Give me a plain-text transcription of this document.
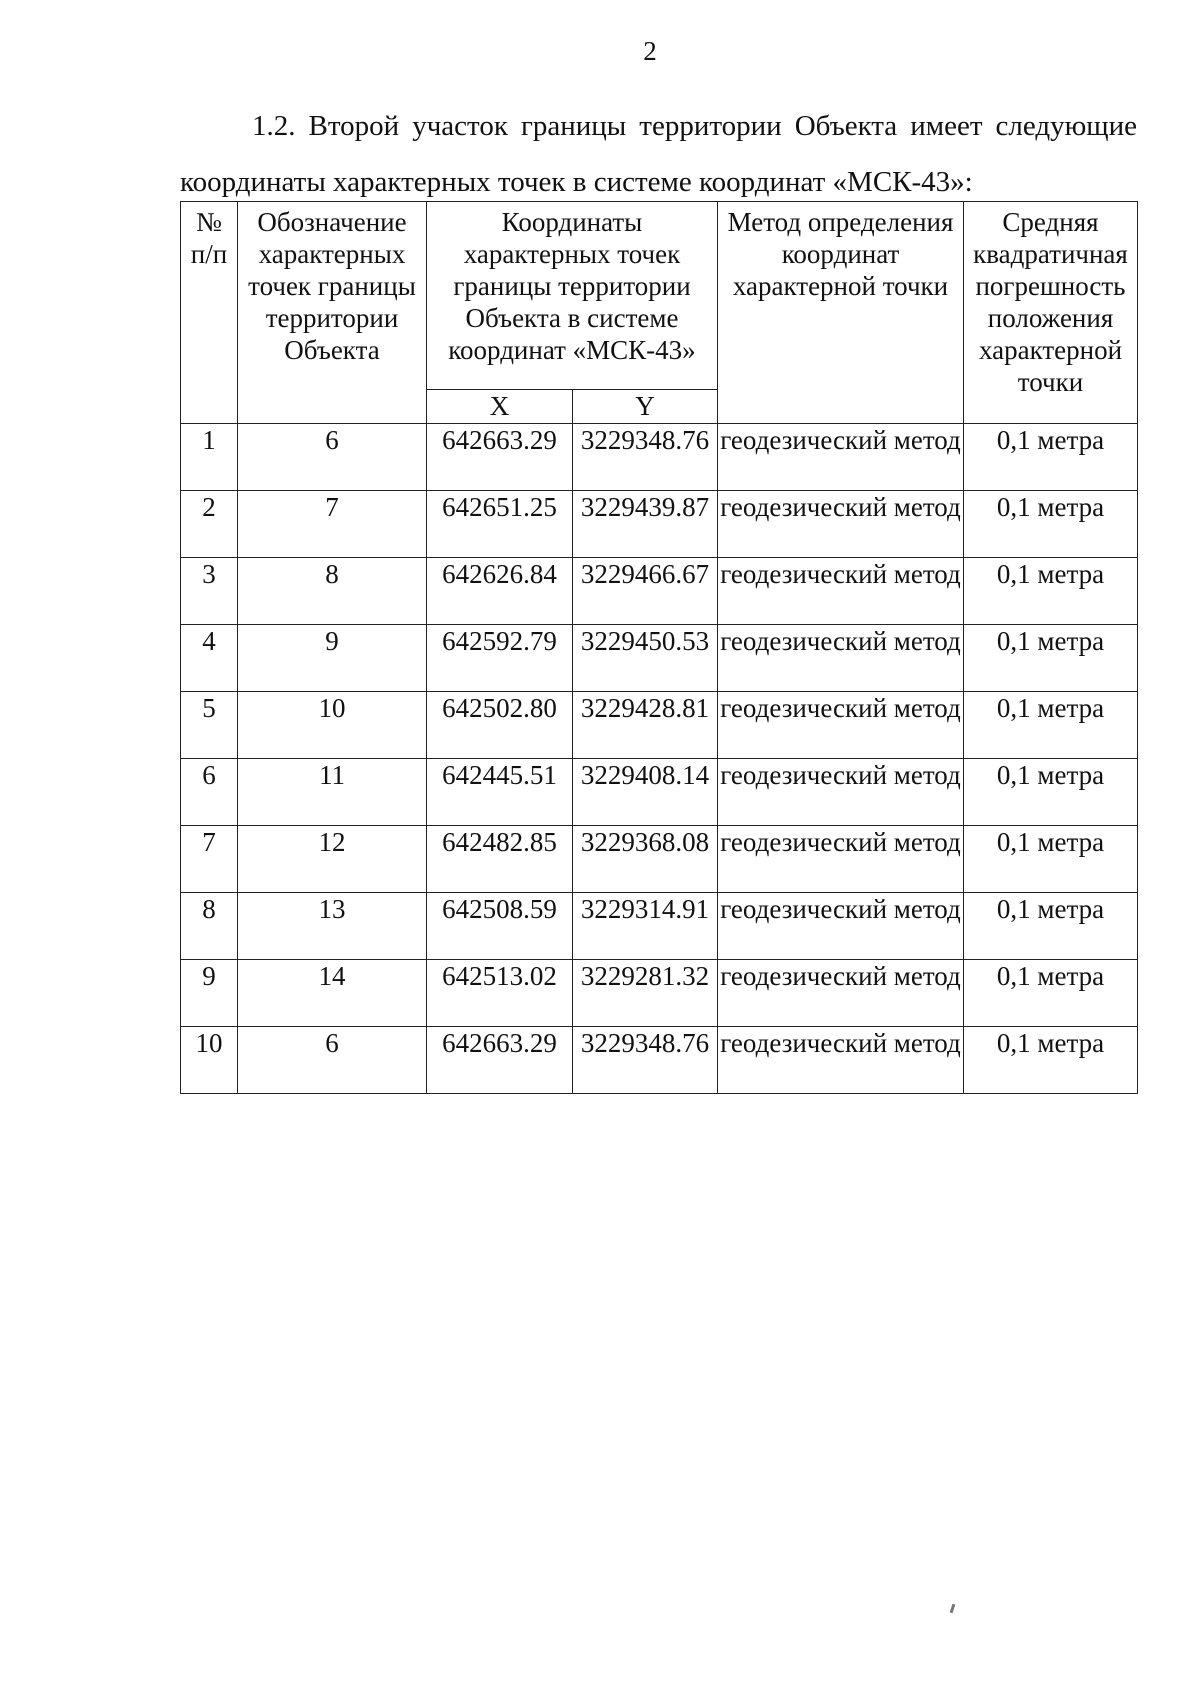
2

1.2. Второй участок границы территории Объекта имеет следующие
координаты характерных точек в системе координат «МСК-43»:

№ п/п	Обозначение характерных точек границы территории Объекта	Координаты характерных точек границы территории Объекта в системе координат «МСК-43»		Метод определения координат характерной точки	Средняя квадратичная погрешность положения характерной точки
		X	Y		
1	6	642663.29	3229348.76	геодезический метод	0,1 метра
2	7	642651.25	3229439.87	геодезический метод	0,1 метра
3	8	642626.84	3229466.67	геодезический метод	0,1 метра
4	9	642592.79	3229450.53	геодезический метод	0,1 метра
5	10	642502.80	3229428.81	геодезический метод	0,1 метра
6	11	642445.51	3229408.14	геодезический метод	0,1 метра
7	12	642482.85	3229368.08	геодезический метод	0,1 метра
8	13	642508.59	3229314.91	геодезический метод	0,1 метра
9	14	642513.02	3229281.32	геодезический метод	0,1 метра
10	6	642663.29	3229348.76	геодезический метод	0,1 метра
